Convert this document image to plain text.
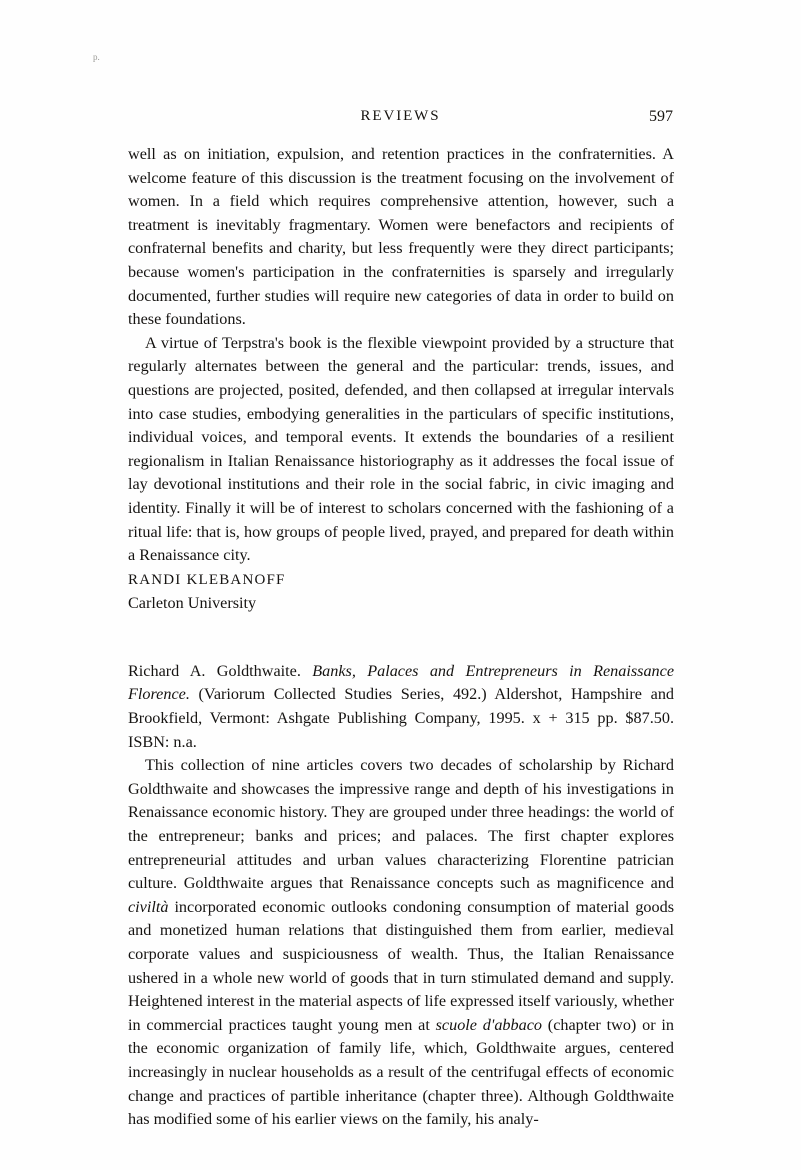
p.
REVIEWS	597

well as on initiation, expulsion, and retention practices in the confraternities. A welcome feature of this discussion is the treatment focusing on the involvement of women. In a field which requires comprehensive attention, however, such a treatment is inevitably fragmentary. Women were benefactors and recipients of confraternal benefits and charity, but less frequently were they direct participants; because women's participation in the confraternities is sparsely and irregularly documented, further studies will require new categories of data in order to build on these foundations.

A virtue of Terpstra's book is the flexible viewpoint provided by a structure that regularly alternates between the general and the particular: trends, issues, and questions are projected, posited, defended, and then collapsed at irregular intervals into case studies, embodying generalities in the particulars of specific institutions, individual voices, and temporal events. It extends the boundaries of a resilient regionalism in Italian Renaissance historiography as it addresses the focal issue of lay devotional institutions and their role in the social fabric, in civic imaging and identity. Finally it will be of interest to scholars concerned with the fashioning of a ritual life: that is, how groups of people lived, prayed, and prepared for death within a Renaissance city.

RANDI KLEBANOFF
Carleton University
Richard A. Goldthwaite. Banks, Palaces and Entrepreneurs in Renaissance Florence. (Variorum Collected Studies Series, 492.) Aldershot, Hampshire and Brookfield, Vermont: Ashgate Publishing Company, 1995. x + 315 pp. $87.50. ISBN: n.a.

This collection of nine articles covers two decades of scholarship by Richard Goldthwaite and showcases the impressive range and depth of his investigations in Renaissance economic history. They are grouped under three headings: the world of the entrepreneur; banks and prices; and palaces. The first chapter explores entrepreneurial attitudes and urban values characterizing Florentine patrician culture. Goldthwaite argues that Renaissance concepts such as magnificence and civiltà incorporated economic outlooks condoning consumption of material goods and monetized human relations that distinguished them from earlier, medieval corporate values and suspiciousness of wealth. Thus, the Italian Renaissance ushered in a whole new world of goods that in turn stimulated demand and supply. Heightened interest in the material aspects of life expressed itself variously, whether in commercial practices taught young men at scuole d'abbaco (chapter two) or in the economic organization of family life, which, Goldthwaite argues, centered increasingly in nuclear households as a result of the centrifugal effects of economic change and practices of partible inheritance (chapter three). Although Goldthwaite has modified some of his earlier views on the family, his analy-
